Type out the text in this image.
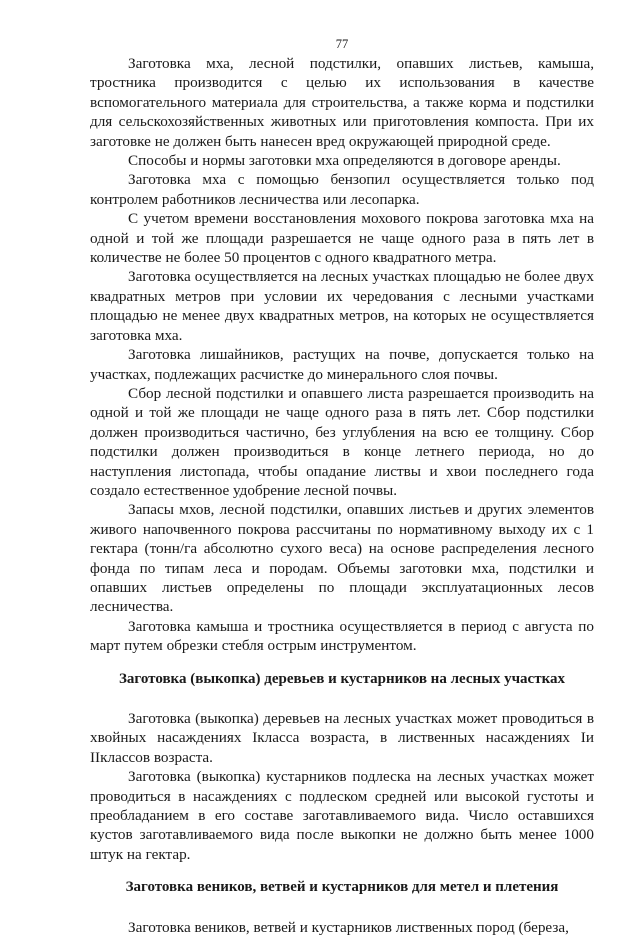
77

Заготовка мха, лесной подстилки, опавших листьев, камыша, тростника производится с целью их использования в качестве вспомогательного материала для строительства, а также корма и подстилки для сельскохозяйственных животных или приготовления компоста. При их заготовке не должен быть нанесен вред окружающей природной среде.

Способы и нормы заготовки мха определяются в договоре аренды.

Заготовка мха с помощью бензопил осуществляется только под контролем работников лесничества или лесопарка.

С учетом времени восстановления мохового покрова заготовка мха на одной и той же площади разрешается не чаще одного раза в пять лет в количестве не более 50 процентов с одного квадратного метра.

Заготовка осуществляется на лесных участках площадью не более двух квадратных метров при условии их чередования с лесными участками площадью не менее двух квадратных метров, на которых не осуществляется заготовка мха.

Заготовка лишайников, растущих на почве, допускается только на участках, подлежащих расчистке до минерального слоя почвы.

Сбор лесной подстилки и опавшего листа разрешается производить на одной и той же площади не чаще одного раза в пять лет. Сбор подстилки должен производиться частично, без углубления на всю ее толщину. Сбор подстилки должен производиться в конце летнего периода, но до наступления листопада, чтобы опадание листвы и хвои последнего года создало естественное удобрение лесной почвы.

Запасы мхов, лесной подстилки, опавших листьев и других элементов живого напочвенного покрова рассчитаны по нормативному выходу их с 1 гектара (тонн/га абсолютно сухого веса) на основе распределения лесного фонда по типам леса и породам. Объемы заготовки мха, подстилки и опавших листьев определены по площади эксплуатационных лесов лесничества.

Заготовка камыша и тростника осуществляется в период с августа по март путем обрезки стебля острым инструментом.

Заготовка (выкопка) деревьев и кустарников на лесных участках

Заготовка (выкопка) деревьев на лесных участках может проводиться в хвойных насаждениях Iкласса возраста, в лиственных насаждениях Iи IIклассов возраста.

Заготовка (выкопка) кустарников подлеска на лесных участках может проводиться в насаждениях с подлеском средней или высокой густоты и преобладанием в его составе заготавливаемого вида. Число оставшихся кустов заготавливаемого вида после выкопки не должно быть менее 1000 штук на гектар.

Заготовка веников, ветвей и кустарников для метел и плетения

Заготовка веников, ветвей и кустарников лиственных пород (береза,
